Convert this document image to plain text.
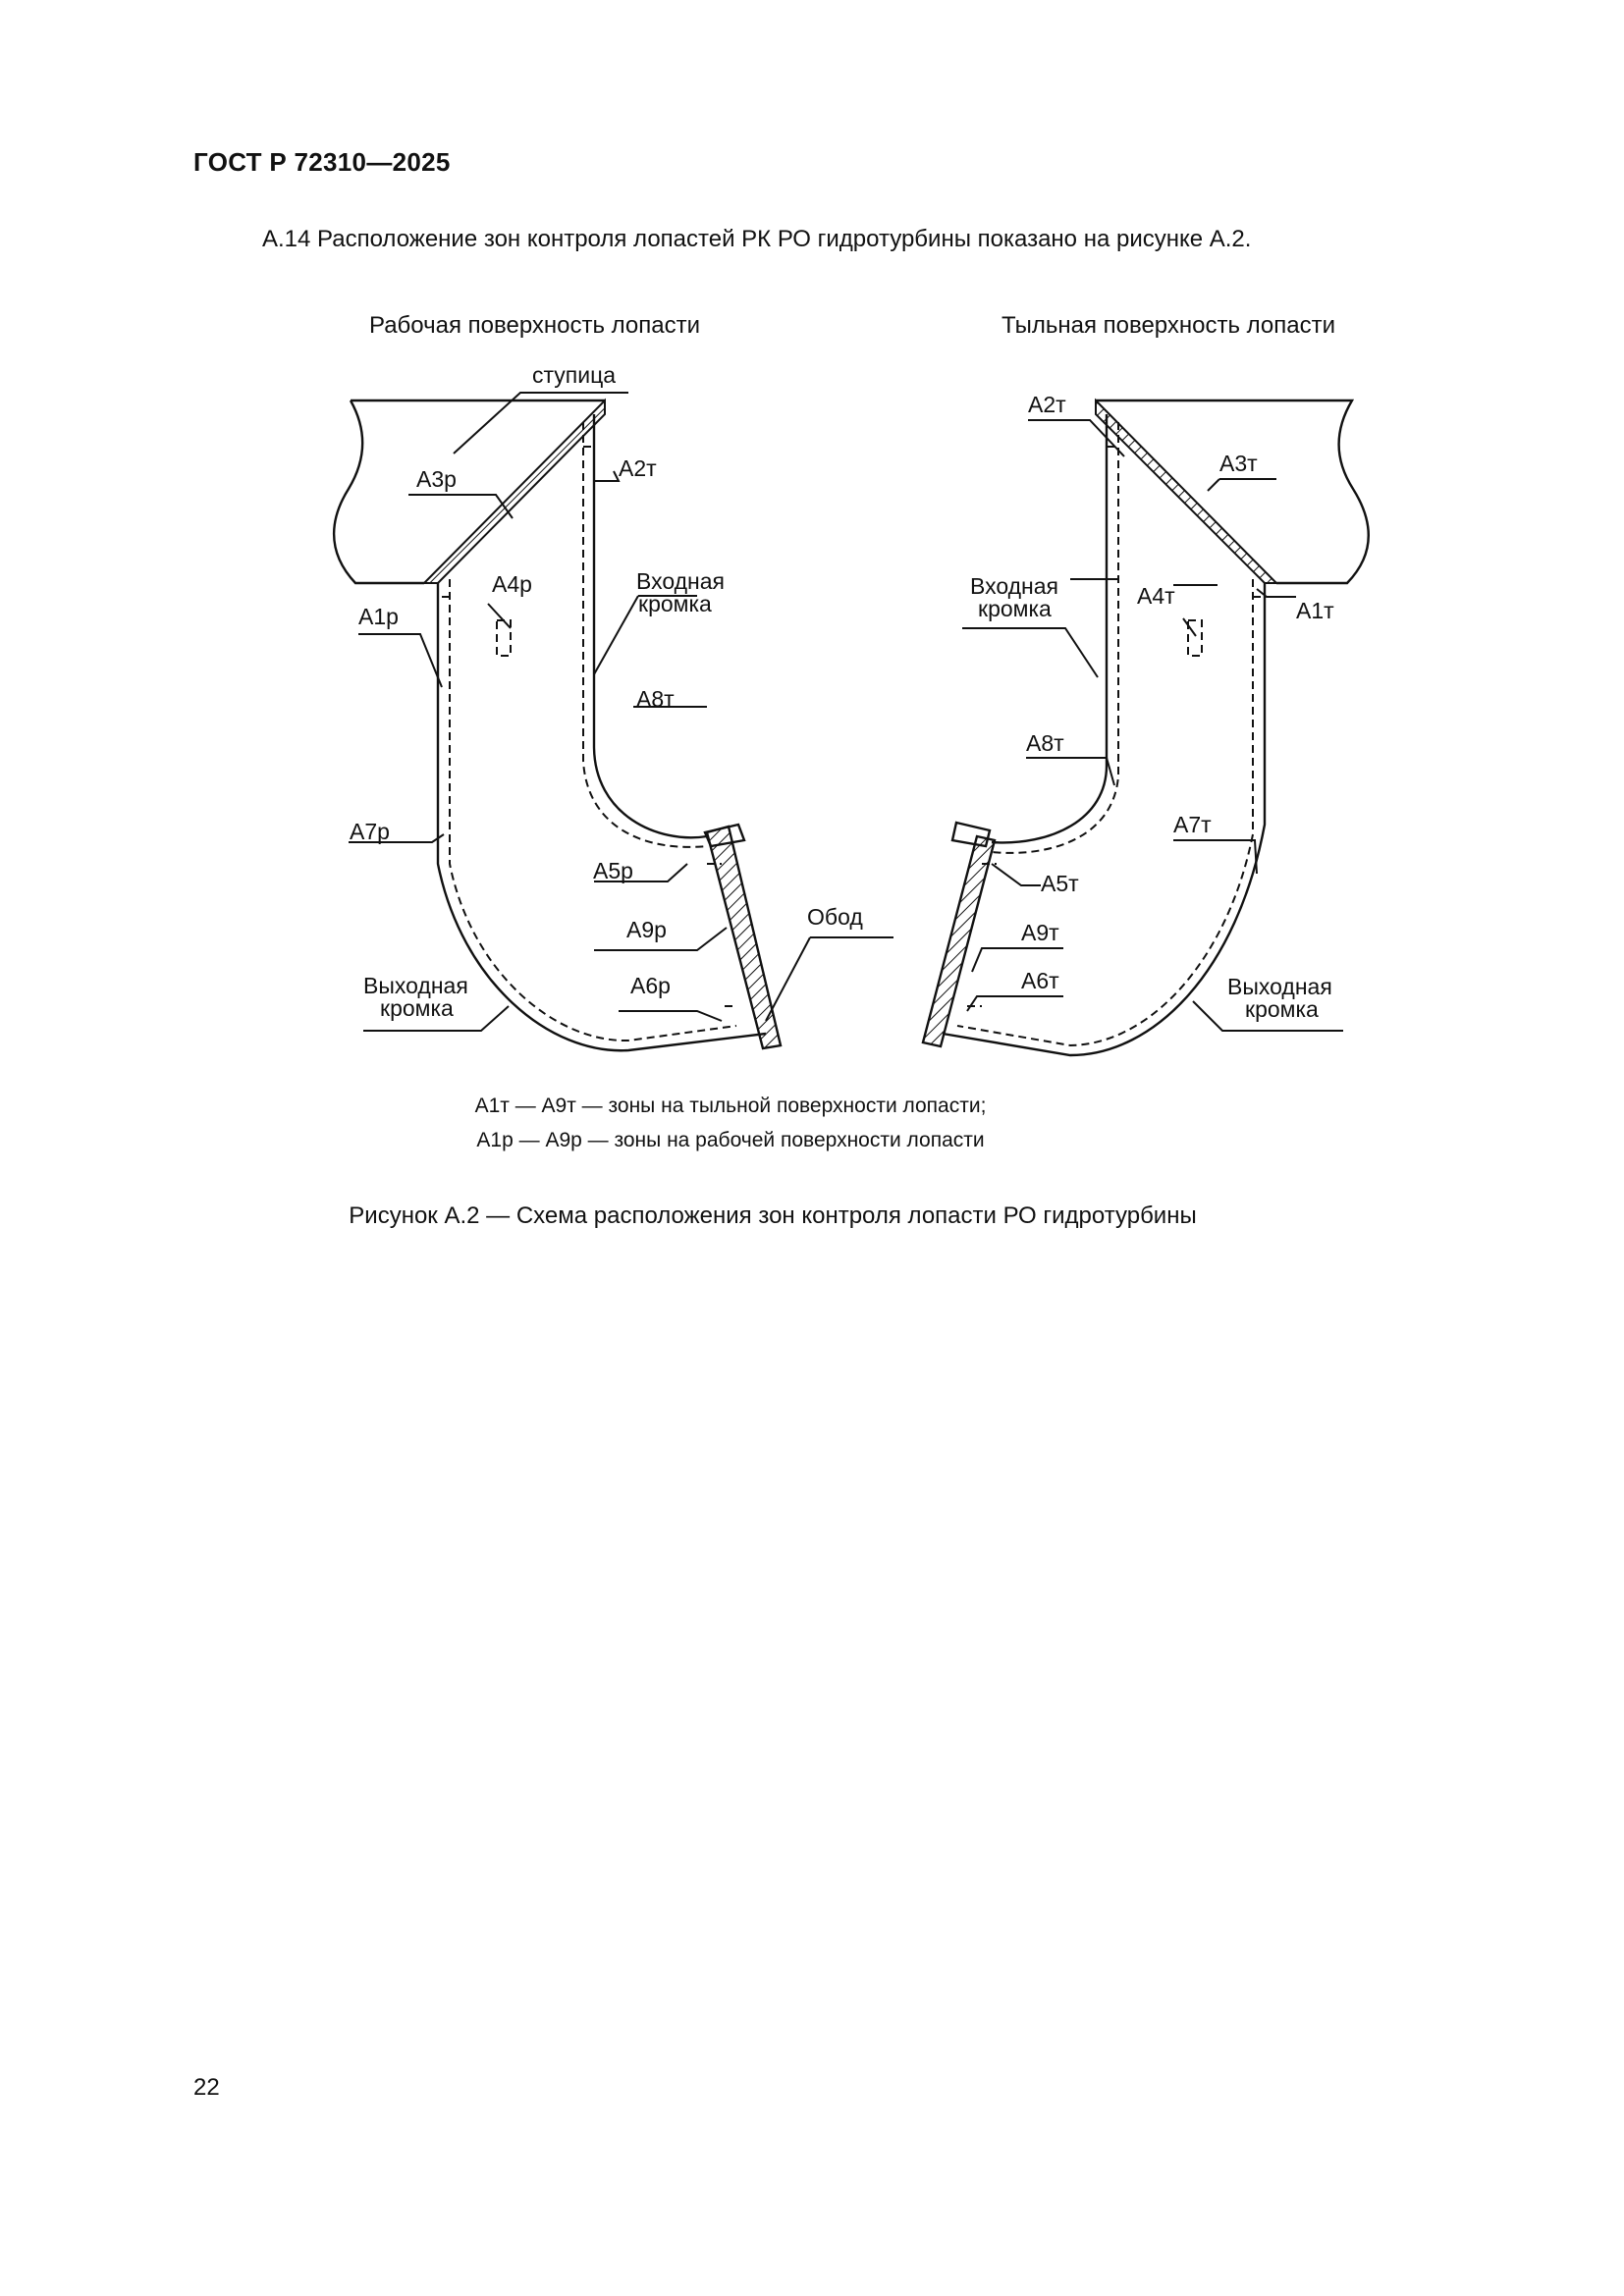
ГОСТ Р 72310—2025
А.14 Расположение зон контроля лопастей РК РО гидротурбины показано на рисунке А.2.
Рабочая поверхность лопасти
ступица
А3р	А2т
А4р
А1р
Входная
кромка
А8т
А7р
А5р
А9р	Обод
А6р
Выходная
кромка
Тыльная поверхность лопасти
А2т
А3т
Входная
кромка	А4т
А1т
А8т
А7т
А5т
А9т
А6т	Выходная
кромка
А1т — А9т — зоны на тыльной поверхности лопасти;
А1р — А9р — зоны на рабочей поверхности лопасти
Рисунок А.2 — Схема расположения зон контроля лопасти РО гидротурбины
22
